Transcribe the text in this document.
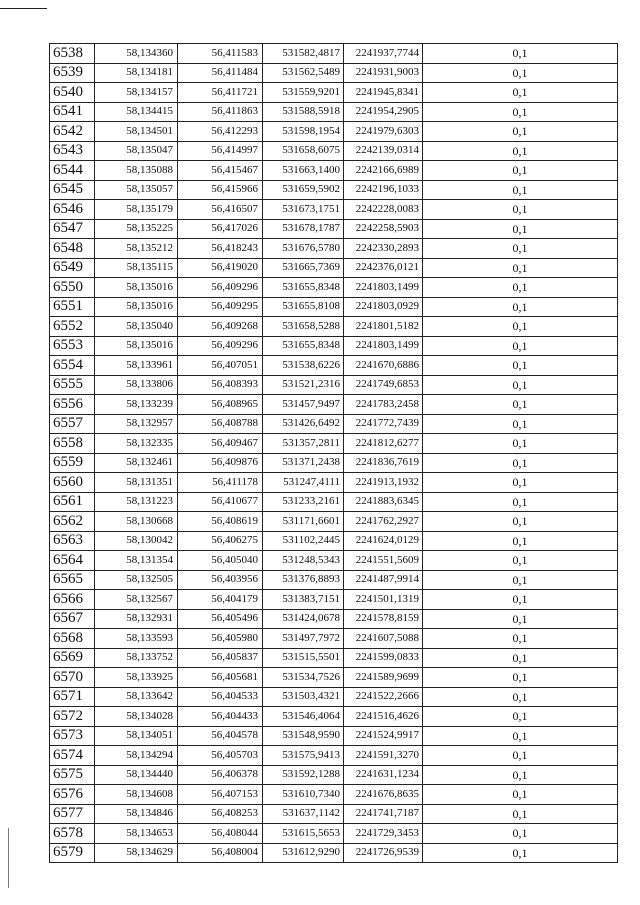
6538	58,134360	56,411583	531582,4817	2241937,7744	0,1
6539	58,134181	56,411484	531562,5489	2241931,9003	0,1
6540	58,134157	56,411721	531559,9201	2241945,8341	0,1
6541	58,134415	56,411863	531588,5918	2241954,2905	0,1
6542	58,134501	56,412293	531598,1954	2241979,6303	0,1
6543	58,135047	56,414997	531658,6075	2242139,0314	0,1
6544	58,135088	56,415467	531663,1400	2242166,6989	0,1
6545	58,135057	56,415966	531659,5902	2242196,1033	0,1
6546	58,135179	56,416507	531673,1751	2242228,0083	0,1
6547	58,135225	56,417026	531678,1787	2242258,5903	0,1
6548	58,135212	56,418243	531676,5780	2242330,2893	0,1
6549	58,135115	56,419020	531665,7369	2242376,0121	0,1
6550	58,135016	56,409296	531655,8348	2241803,1499	0,1
6551	58,135016	56,409295	531655,8108	2241803,0929	0,1
6552	58,135040	56,409268	531658,5288	2241801,5182	0,1
6553	58,135016	56,409296	531655,8348	2241803,1499	0,1
6554	58,133961	56,407051	531538,6226	2241670,6886	0,1
6555	58,133806	56,408393	531521,2316	2241749,6853	0,1
6556	58,133239	56,408965	531457,9497	2241783,2458	0,1
6557	58,132957	56,408788	531426,6492	2241772,7439	0,1
6558	58,132335	56,409467	531357,2811	2241812,6277	0,1
6559	58,132461	56,409876	531371,2438	2241836,7619	0,1
6560	58,131351	56,411178	531247,4111	2241913,1932	0,1
6561	58,131223	56,410677	531233,2161	2241883,6345	0,1
6562	58,130668	56,408619	531171,6601	2241762,2927	0,1
6563	58,130042	56,406275	531102,2445	2241624,0129	0,1
6564	58,131354	56,405040	531248,5343	2241551,5609	0,1
6565	58,132505	56,403956	531376,8893	2241487,9914	0,1
6566	58,132567	56,404179	531383,7151	2241501,1319	0,1
6567	58,132931	56,405496	531424,0678	2241578,8159	0,1
6568	58,133593	56,405980	531497,7972	2241607,5088	0,1
6569	58,133752	56,405837	531515,5501	2241599,0833	0,1
6570	58,133925	56,405681	531534,7526	2241589,9699	0,1
6571	58,133642	56,404533	531503,4321	2241522,2666	0,1
6572	58,134028	56,404433	531546,4064	2241516,4626	0,1
6573	58,134051	56,404578	531548,9590	2241524,9917	0,1
6574	58,134294	56,405703	531575,9413	2241591,3270	0,1
6575	58,134440	56,406378	531592,1288	2241631,1234	0,1
6576	58,134608	56,407153	531610,7340	2241676,8635	0,1
6577	58,134846	56,408253	531637,1142	2241741,7187	0,1
6578	58,134653	56,408044	531615,5653	2241729,3453	0,1
6579	58,134629	56,408004	531612,9290	2241726,9539	0,1
